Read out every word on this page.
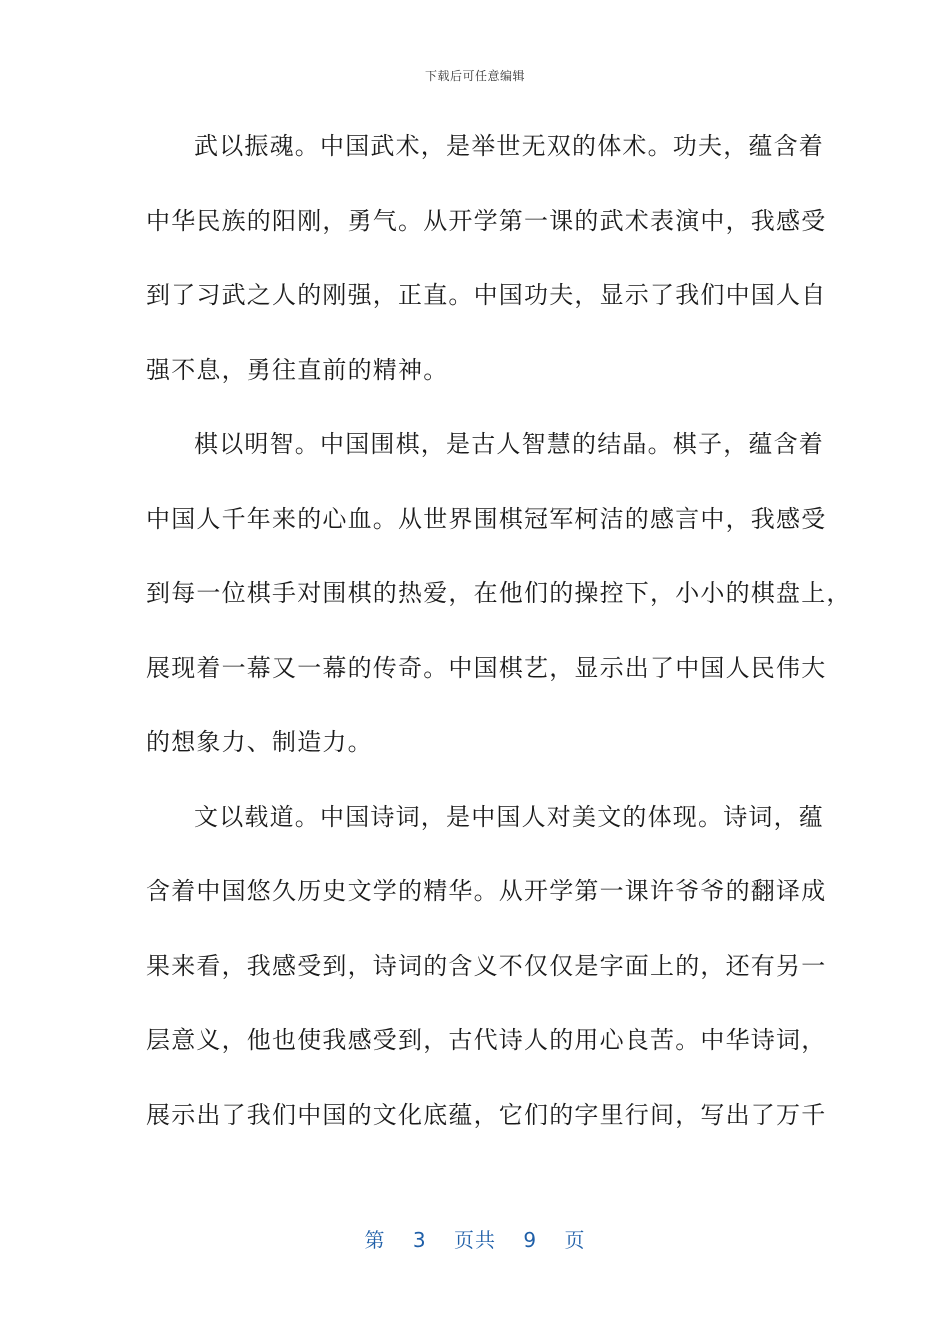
下载后可任意编辑
武以振魂。中国武术，是举世无双的体术。功夫，蕴含着
中华民族的阳刚，勇气。从开学第一课的武术表演中，我感受
到了习武之人的刚强，正直。中国功夫，显示了我们中国人自
强不息，勇往直前的精神。
棋以明智。中国围棋，是古人智慧的结晶。棋子，蕴含着
中国人千年来的心血。从世界围棋冠军柯洁的感言中，我感受
到每一位棋手对围棋的热爱，在他们的操控下，小小的棋盘上，
展现着一幕又一幕的传奇。中国棋艺，显示出了中国人民伟大
的想象力、制造力。
文以载道。中国诗词，是中国人对美文的体现。诗词，蕴
含着中国悠久历史文学的精华。从开学第一课许爷爷的翻译成
果来看，我感受到，诗词的含义不仅仅是字面上的，还有另一
层意义，他也使我感受到，古代诗人的用心良苦。中华诗词，
展示出了我们中国的文化底蕴，它们的字里行间，写出了万千
第 3 页共 9 页
